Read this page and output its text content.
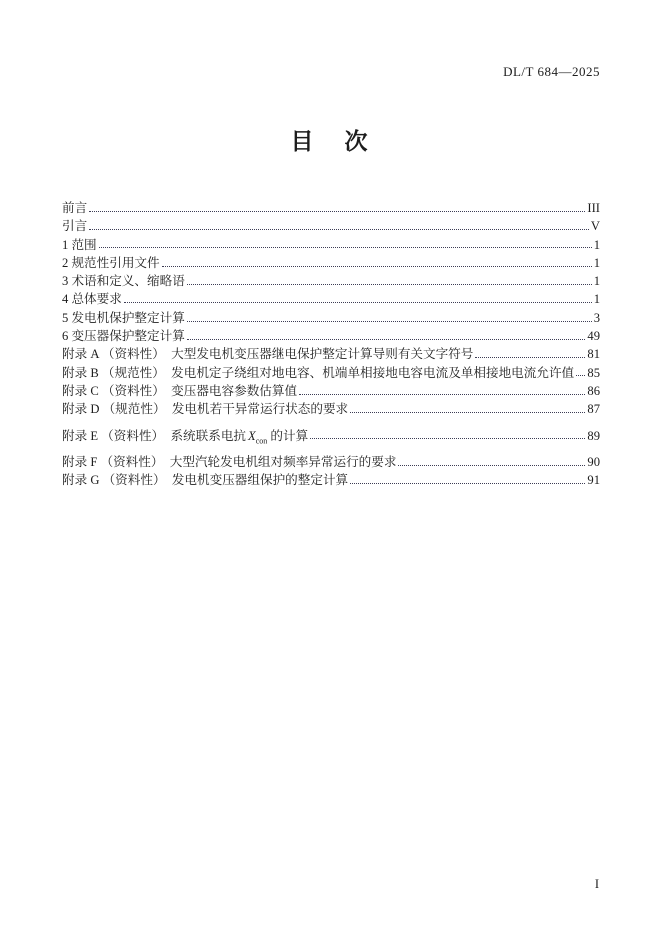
DL/T 684—2025
目　次
前言	III
引言	V
1 范围	1
2 规范性引用文件	1
3 术语和定义、缩略语	1
4 总体要求	1
5 发电机保护整定计算	3
6 变压器保护整定计算	49
附录 A （资料性）　大型发电机变压器继电保护整定计算导则有关文字符号	81
附录 B （规范性）　发电机定子绕组对地电容、机端单相接地电容电流及单相接地电流允许值 85
附录 C （资料性）　变压器电容参数估算值	86
附录 D （规范性）　发电机若干异常运行状态的要求	87
附录 E （资料性）　系统联系电抗 $X_{con}$ 的计算	89
附录 F （资料性）　大型汽轮发电机组对频率异常运行的要求	90
附录 G （资料性）　发电机变压器组保护的整定计算	91
I
